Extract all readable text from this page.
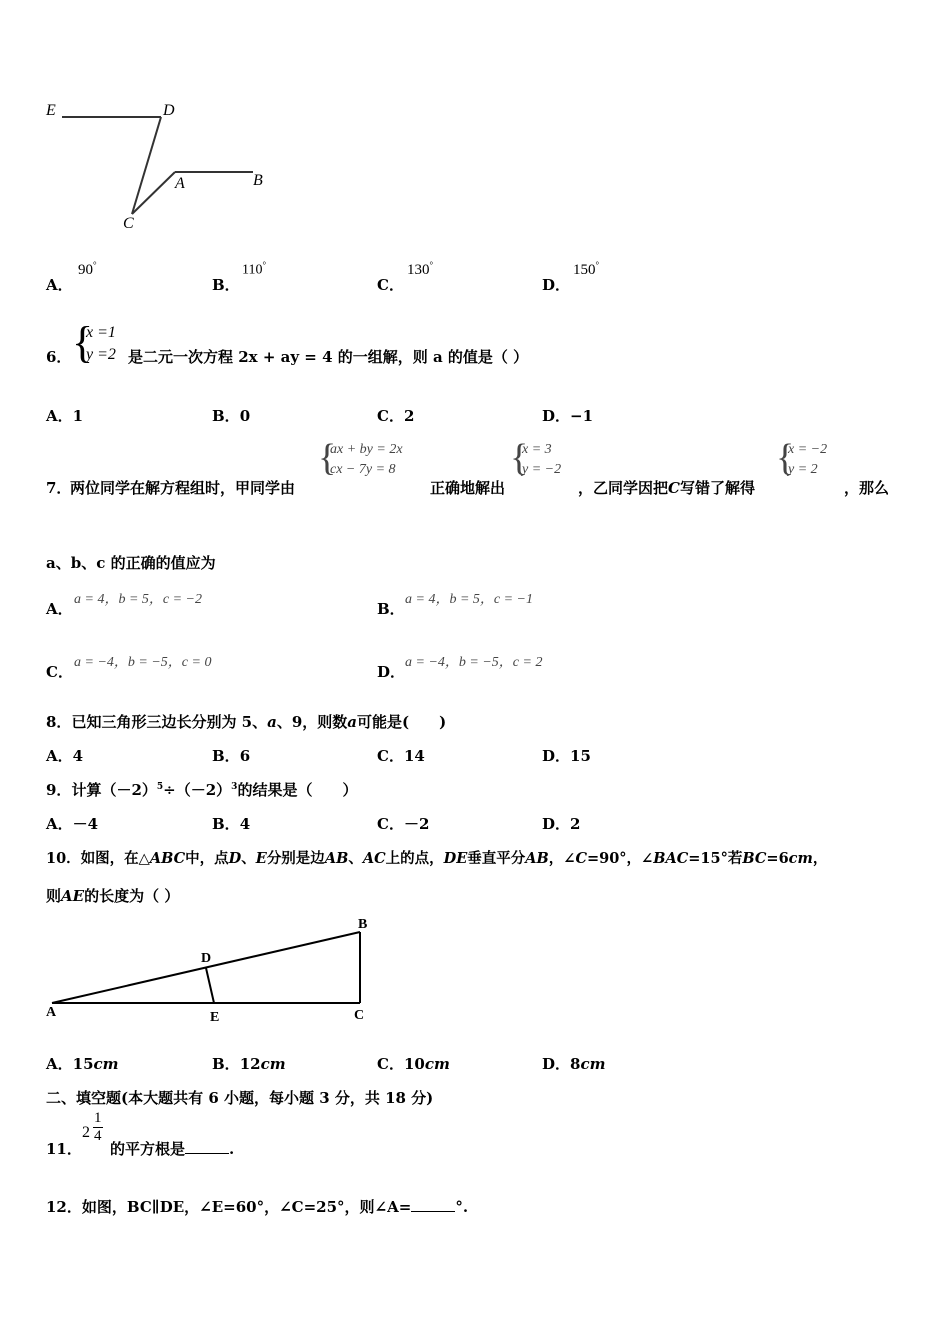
E	D
A	B
C
A．
90°
B．
110°
C．
130°
D．
150°
6． {
x =1
y =2 是二元一次方程 2x + ay = 4 的一组解，则 a 的值是（ ）
A．1	B．0	C．2	D．−1
7．
两位同学在解方程组时，甲同学由
{
ax + by = 2x
cx − 7y = 8
正确地解出
{
x = 3
y = −2
，乙同学因把C写错了解得
{
x = −2
y = 2
，那么
a、b、c 的正确的值应为
A．
a = 4，b = 5，c = −2
B．
a = 4，b = 5，c = −1
C．
a = −4，b = −5，c = 0
D．
a = −4，b = −5，c = 2
8．已知三角形三边长分别为 5、a、9，则数a可能是(　　)
A．4	B．6	C．14	D．15
9．计算$(-2)^5\div(-2)^3$的结果是（　　）
A．－4	B．4	C．－2	D．2
10．如图，在△ABC中，点D、E分别是边AB、AC上的点，DE垂直平分AB，∠C=90°，∠BAC=15°若BC=6cm，
则AE的长度为（ ）
A
B
C
D
E
A．15cm	B．12cm	C．10cm	D．8cm
二、填空题(本大题共有 6 小题，每小题 3 分，共 18 分)
11．
$2 \frac{1}{4}$
的平方根是	.
12．如图，BC∥DE，∠E=60°，∠C=25°，则∠A=	°.
